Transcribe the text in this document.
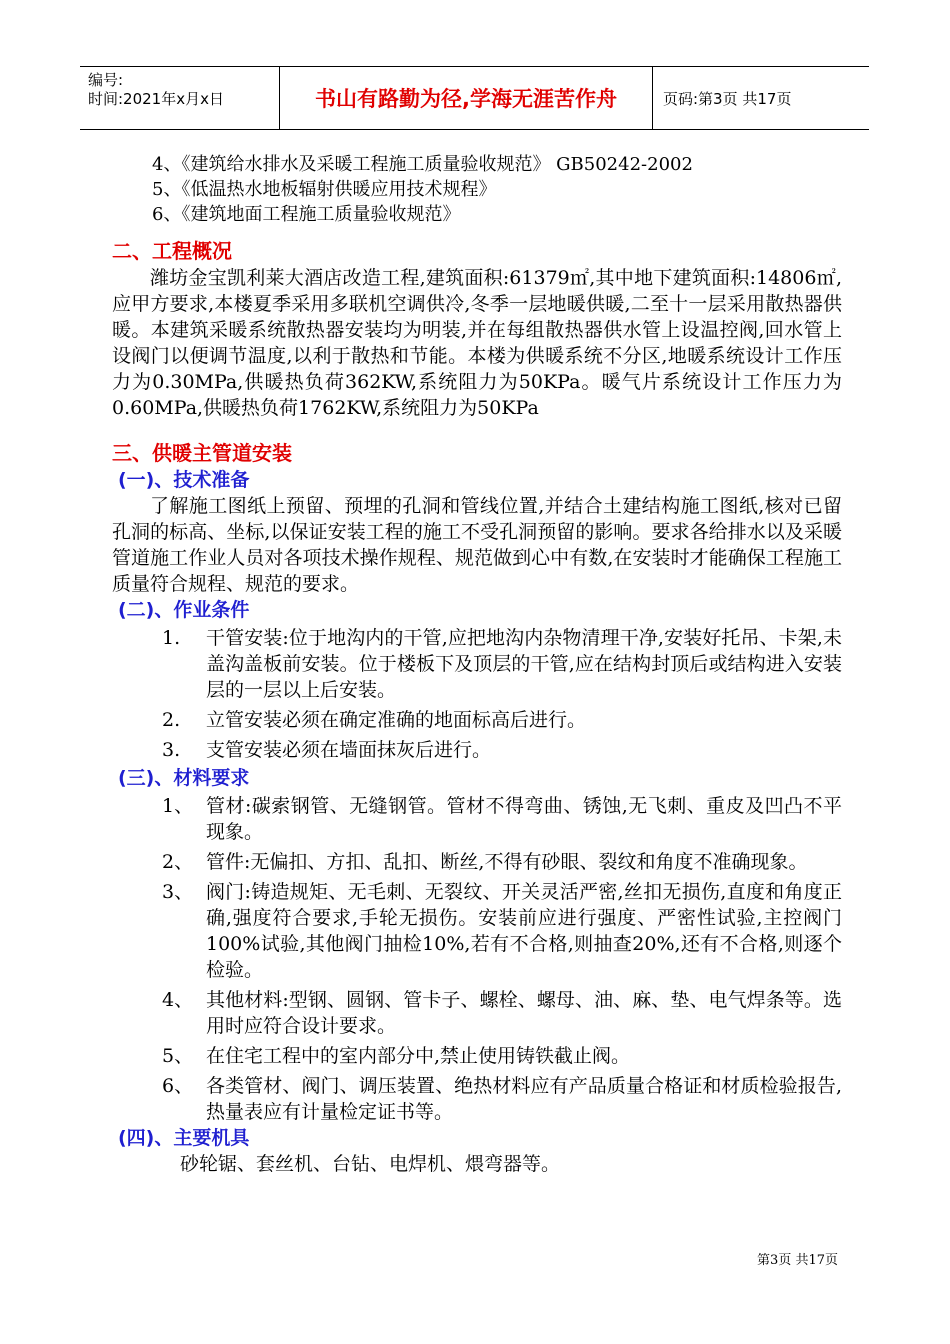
编号:
时间:2021年x月x日	书山有路勤为径,学海无涯苦作舟	页码:第3页 共17页
4、《建筑给水排水及采暖工程施工质量验收规范》 GB50242-2002
5、《低温热水地板辐射供暖应用技术规程》
6、《建筑地面工程施工质量验收规范》
二、工程概况
潍坊金宝凯利莱大酒店改造工程,建筑面积:61379㎡,其中地下建筑面积:14806㎡, 应甲方要求,本楼夏季采用多联机空调供冷,冬季一层地暖供暖,二至十一层采用散热器供暖。本建筑采暖系统散热器安装均为明装,并在每组散热器供水管上设温控阀,回水管上设阀门以便调节温度,以利于散热和节能。本楼为供暖系统不分区,地暖系统设计工作压力为0.30MPa,供暖热负荷362KW,系统阻力为50KPa。暖气片系统设计工作压力为0.60MPa,供暖热负荷1762KW,系统阻力为50KPa
三、供暖主管道安装
(一)、技术准备
了解施工图纸上预留、预埋的孔洞和管线位置,并结合土建结构施工图纸,核对已留孔洞的标高、坐标,以保证安装工程的施工不受孔洞预留的影响。要求各给排水以及采暖管道施工作业人员对各项技术操作规程、规范做到心中有数,在安装时才能确保工程施工质量符合规程、规范的要求。
(二)、作业条件
1.	干管安装:位于地沟内的干管,应把地沟内杂物清理干净,安装好托吊、卡架,未盖沟盖板前安装。位于楼板下及顶层的干管,应在结构封顶后或结构进入安装层的一层以上后安装。
2.	立管安装必须在确定准确的地面标高后进行。
3.	支管安装必须在墙面抹灰后进行。
(三)、材料要求
1、 管材:碳索钢管、无缝钢管。管材不得弯曲、锈蚀,无飞刺、重皮及凹凸不平现象。
2、 管件:无偏扣、方扣、乱扣、断丝,不得有砂眼、裂纹和角度不准确现象。
3、 阀门:铸造规矩、无毛刺、无裂纹、开关灵活严密,丝扣无损伤,直度和角度正确,强度符合要求,手轮无损伤。安装前应进行强度、严密性试验,主控阀门100%试验,其他阀门抽检10%,若有不合格,则抽查20%,还有不合格,则逐个检验。
4、 其他材料:型钢、圆钢、管卡子、螺栓、螺母、油、麻、垫、电气焊条等。选用时应符合设计要求。
5、 在住宅工程中的室内部分中,禁止使用铸铁截止阀。
6、 各类管材、阀门、调压装置、绝热材料应有产品质量合格证和材质检验报告,热量表应有计量检定证书等。
(四)、主要机具
砂轮锯、套丝机、台钻、电焊机、煨弯器等。
第3页 共17页
